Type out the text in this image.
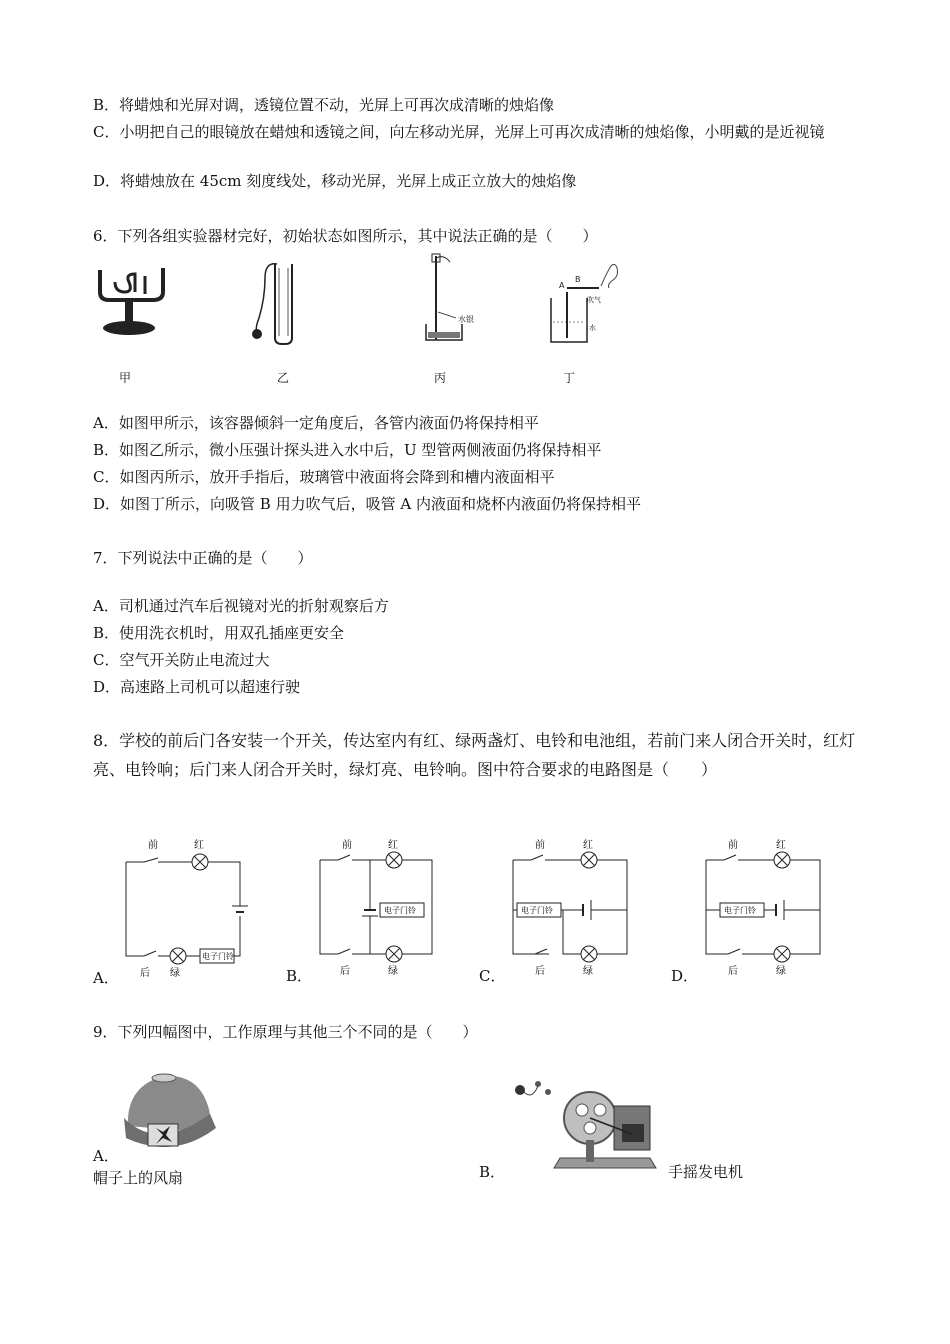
B．将蜡烛和光屏对调，透镜位置不动，光屏上可再次成清晰的烛焰像
C．小明把自己的眼镜放在蜡烛和透镜之间，向左移动光屏，光屏上可再次成清晰的烛焰像，小明戴的是近视镜
D．将蜡烛放在 45cm 刻度线处，移动光屏，光屏上成正立放大的烛焰像
6．下列各组实验器材完好，初始状态如图所示，其中说法正确的是（　　）
甲	乙
水银
丙
B
A
吹气
水
丁
A．如图甲所示，该容器倾斜一定角度后，各管内液面仍将保持相平
B．如图乙所示，微小压强计探头进入水中后，U 型管两侧液面仍将保持相平
C．如图丙所示，放开手指后，玻璃管中液面将会降到和槽内液面相平
D．如图丁所示，向吸管 B 用力吹气后，吸管 A 内液面和烧杯内液面仍将保持相平
7．下列说法中正确的是（　　）
A．司机通过汽车后视镜对光的折射观察后方
B．使用洗衣机时，用双孔插座更安全
C．空气开关防止电流过大
D．高速路上司机可以超速行驶
8．学校的前后门各安装一个开关，传达室内有红、绿两盏灯、电铃和电池组，若前门来人闭合开关时，红灯亮、电铃响；后门来人闭合开关时，绿灯亮、电铃响。图中符合要求的电路图是（　　）
前	红
后 绿
电子门铃
A．
前	红
后	绿
电子门铃
B．
前	红
后	绿
电子门铃
C．
前	红
后	绿
电子门铃
D．
9．下列四幅图中，工作原理与其他三个不同的是（　　）
A．
帽子上的风扇	B．	手摇发电机
